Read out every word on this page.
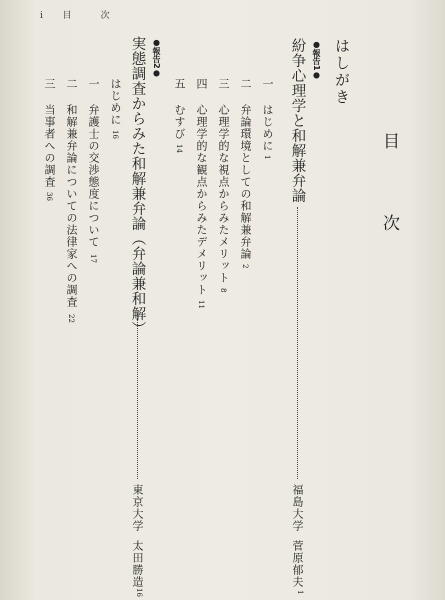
i 目　次
目　次
はしがき
●報告1●
紛争心理学と和解兼弁論
福島大学
菅原郁夫
1
一はじめに1
二弁論環境としての和解兼弁論2
三心理学的な視点からみたメリット8
四心理学的な観点からみたデメリット11
五むすび14
●報告2●
実態調査からみた和解兼弁論（弁論兼和解）
東京大学
太田勝造
16
はじめに16
一弁護士の交渉態度について17
二和解兼弁論についての法律家への調査22
三当事者への調査36
